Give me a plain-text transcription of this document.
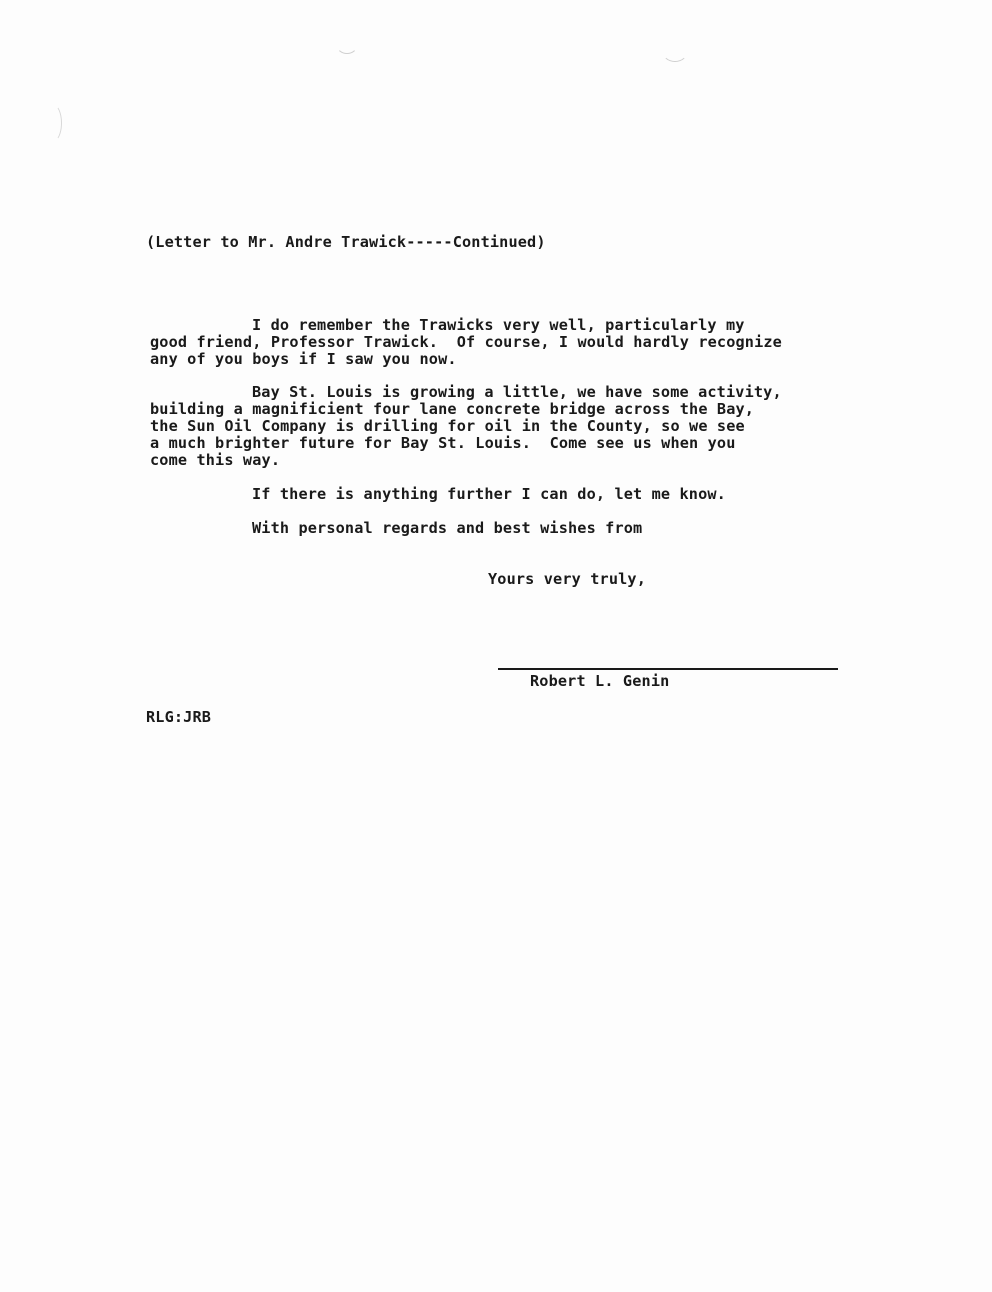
(Letter to Mr. Andre Trawick-----Continued)
I do remember the Trawicks very well, particularly my
good friend, Professor Trawick.  Of course, I would hardly recognize
any of you boys if I saw you now.
Bay St. Louis is growing a little, we have some activity,
building a magnificient four lane concrete bridge across the Bay,
the Sun Oil Company is drilling for oil in the County, so we see
a much brighter future for Bay St. Louis.  Come see us when you
come this way.
If there is anything further I can do, let me know.
With personal regards and best wishes from
Yours very truly,
Robert L. Genin
RLG:JRB
